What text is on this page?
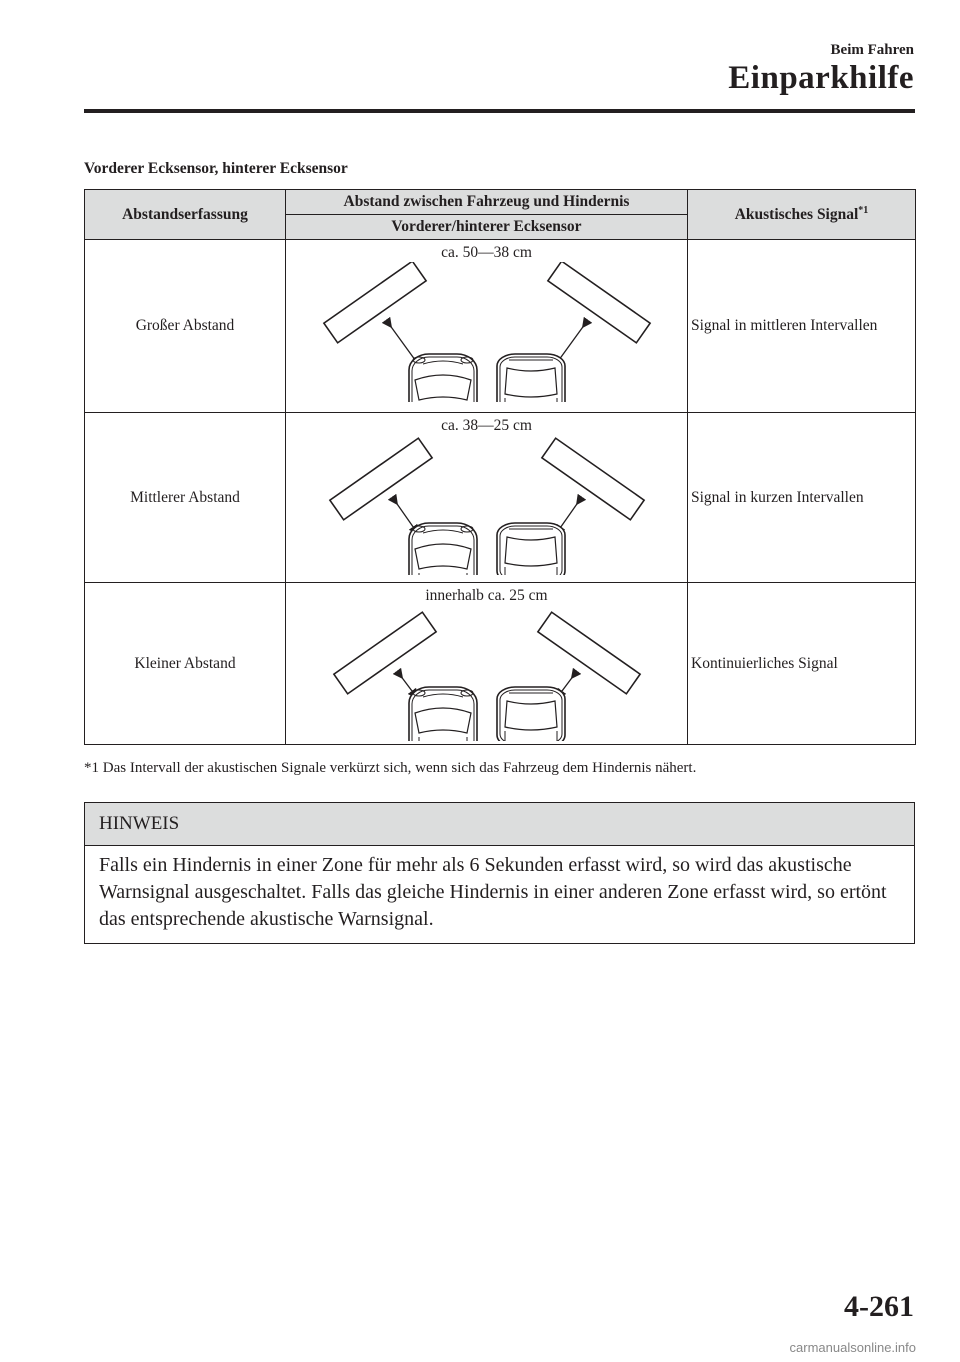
Beim Fahren
Einparkhilfe
Vorderer Ecksensor, hinterer Ecksensor
Abstandserfassung	Abstand zwischen Fahrzeug und Hindernis	Akustisches Signal$^{*1}$
	Vorderer/hinterer Ecksensor	
Großer Abstand	ca. 50―38 cm	Signal in mittleren Intervallen
Mittlerer Abstand	ca. 38―25 cm	Signal in kurzen Intervallen
Kleiner Abstand	innerhalb ca. 25 cm	Kontinuierliches Signal
*1 Das Intervall der akustischen Signale verkürzt sich, wenn sich das Fahrzeug dem Hindernis nähert.
HINWEIS
Falls ein Hindernis in einer Zone für mehr als 6 Sekunden erfasst wird, so wird das akustische Warnsignal ausgeschaltet. Falls das gleiche Hindernis in einer anderen Zone erfasst wird, so ertönt das entsprechende akustische Warnsignal.
4-261
carmanualsonline.info
